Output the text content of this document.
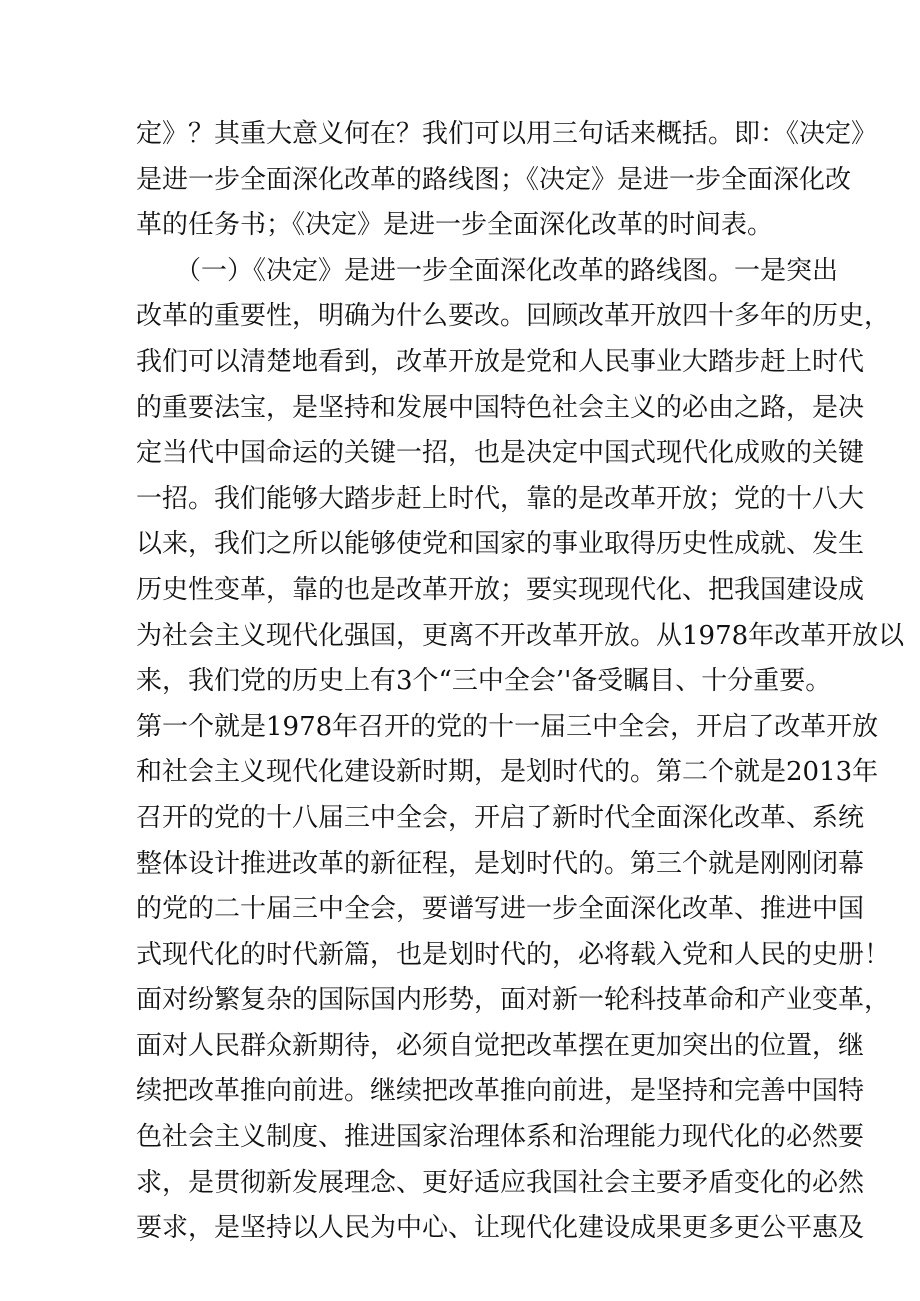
定》？其重大意义何在？我们可以用三句话来概括。即：《决定》
是进一步全面深化改革的路线图；《决定》是进一步全面深化改
革的任务书；《决定》是进一步全面深化改革的时间表。
　　（一）《决定》是进一步全面深化改革的路线图。一是突出
改革的重要性，明确为什么要改。回顾改革开放四十多年的历史，
我们可以清楚地看到，改革开放是党和人民事业大踏步赶上时代
的重要法宝，是坚持和发展中国特色社会主义的必由之路，是决
定当代中国命运的关键一招，也是决定中国式现代化成败的关键
一招。我们能够大踏步赶上时代，靠的是改革开放；党的十八大
以来，我们之所以能够使党和国家的事业取得历史性成就、发生
历史性变革，靠的也是改革开放；要实现现代化、把我国建设成
为社会主义现代化强国，更离不开改革开放。从1978年改革开放以
来，我们党的历史上有3个“三中全会’'备受瞩目、十分重要。
第一个就是1978年召开的党的十一届三中全会，开启了改革开放
和社会主义现代化建设新时期，是划时代的。第二个就是2013年
召开的党的十八届三中全会，开启了新时代全面深化改革、系统
整体设计推进改革的新征程，是划时代的。第三个就是刚刚闭幕
的党的二十届三中全会，要谱写进一步全面深化改革、推进中国
式现代化的时代新篇，也是划时代的，必将载入党和人民的史册！
面对纷繁复杂的国际国内形势，面对新一轮科技革命和产业变革，
面对人民群众新期待，必须自觉把改革摆在更加突出的位置，继
续把改革推向前进。继续把改革推向前进，是坚持和完善中国特
色社会主义制度、推进国家治理体系和治理能力现代化的必然要
求，是贯彻新发展理念、更好适应我国社会主要矛盾变化的必然
要求，是坚持以人民为中心、让现代化建设成果更多更公平惠及
